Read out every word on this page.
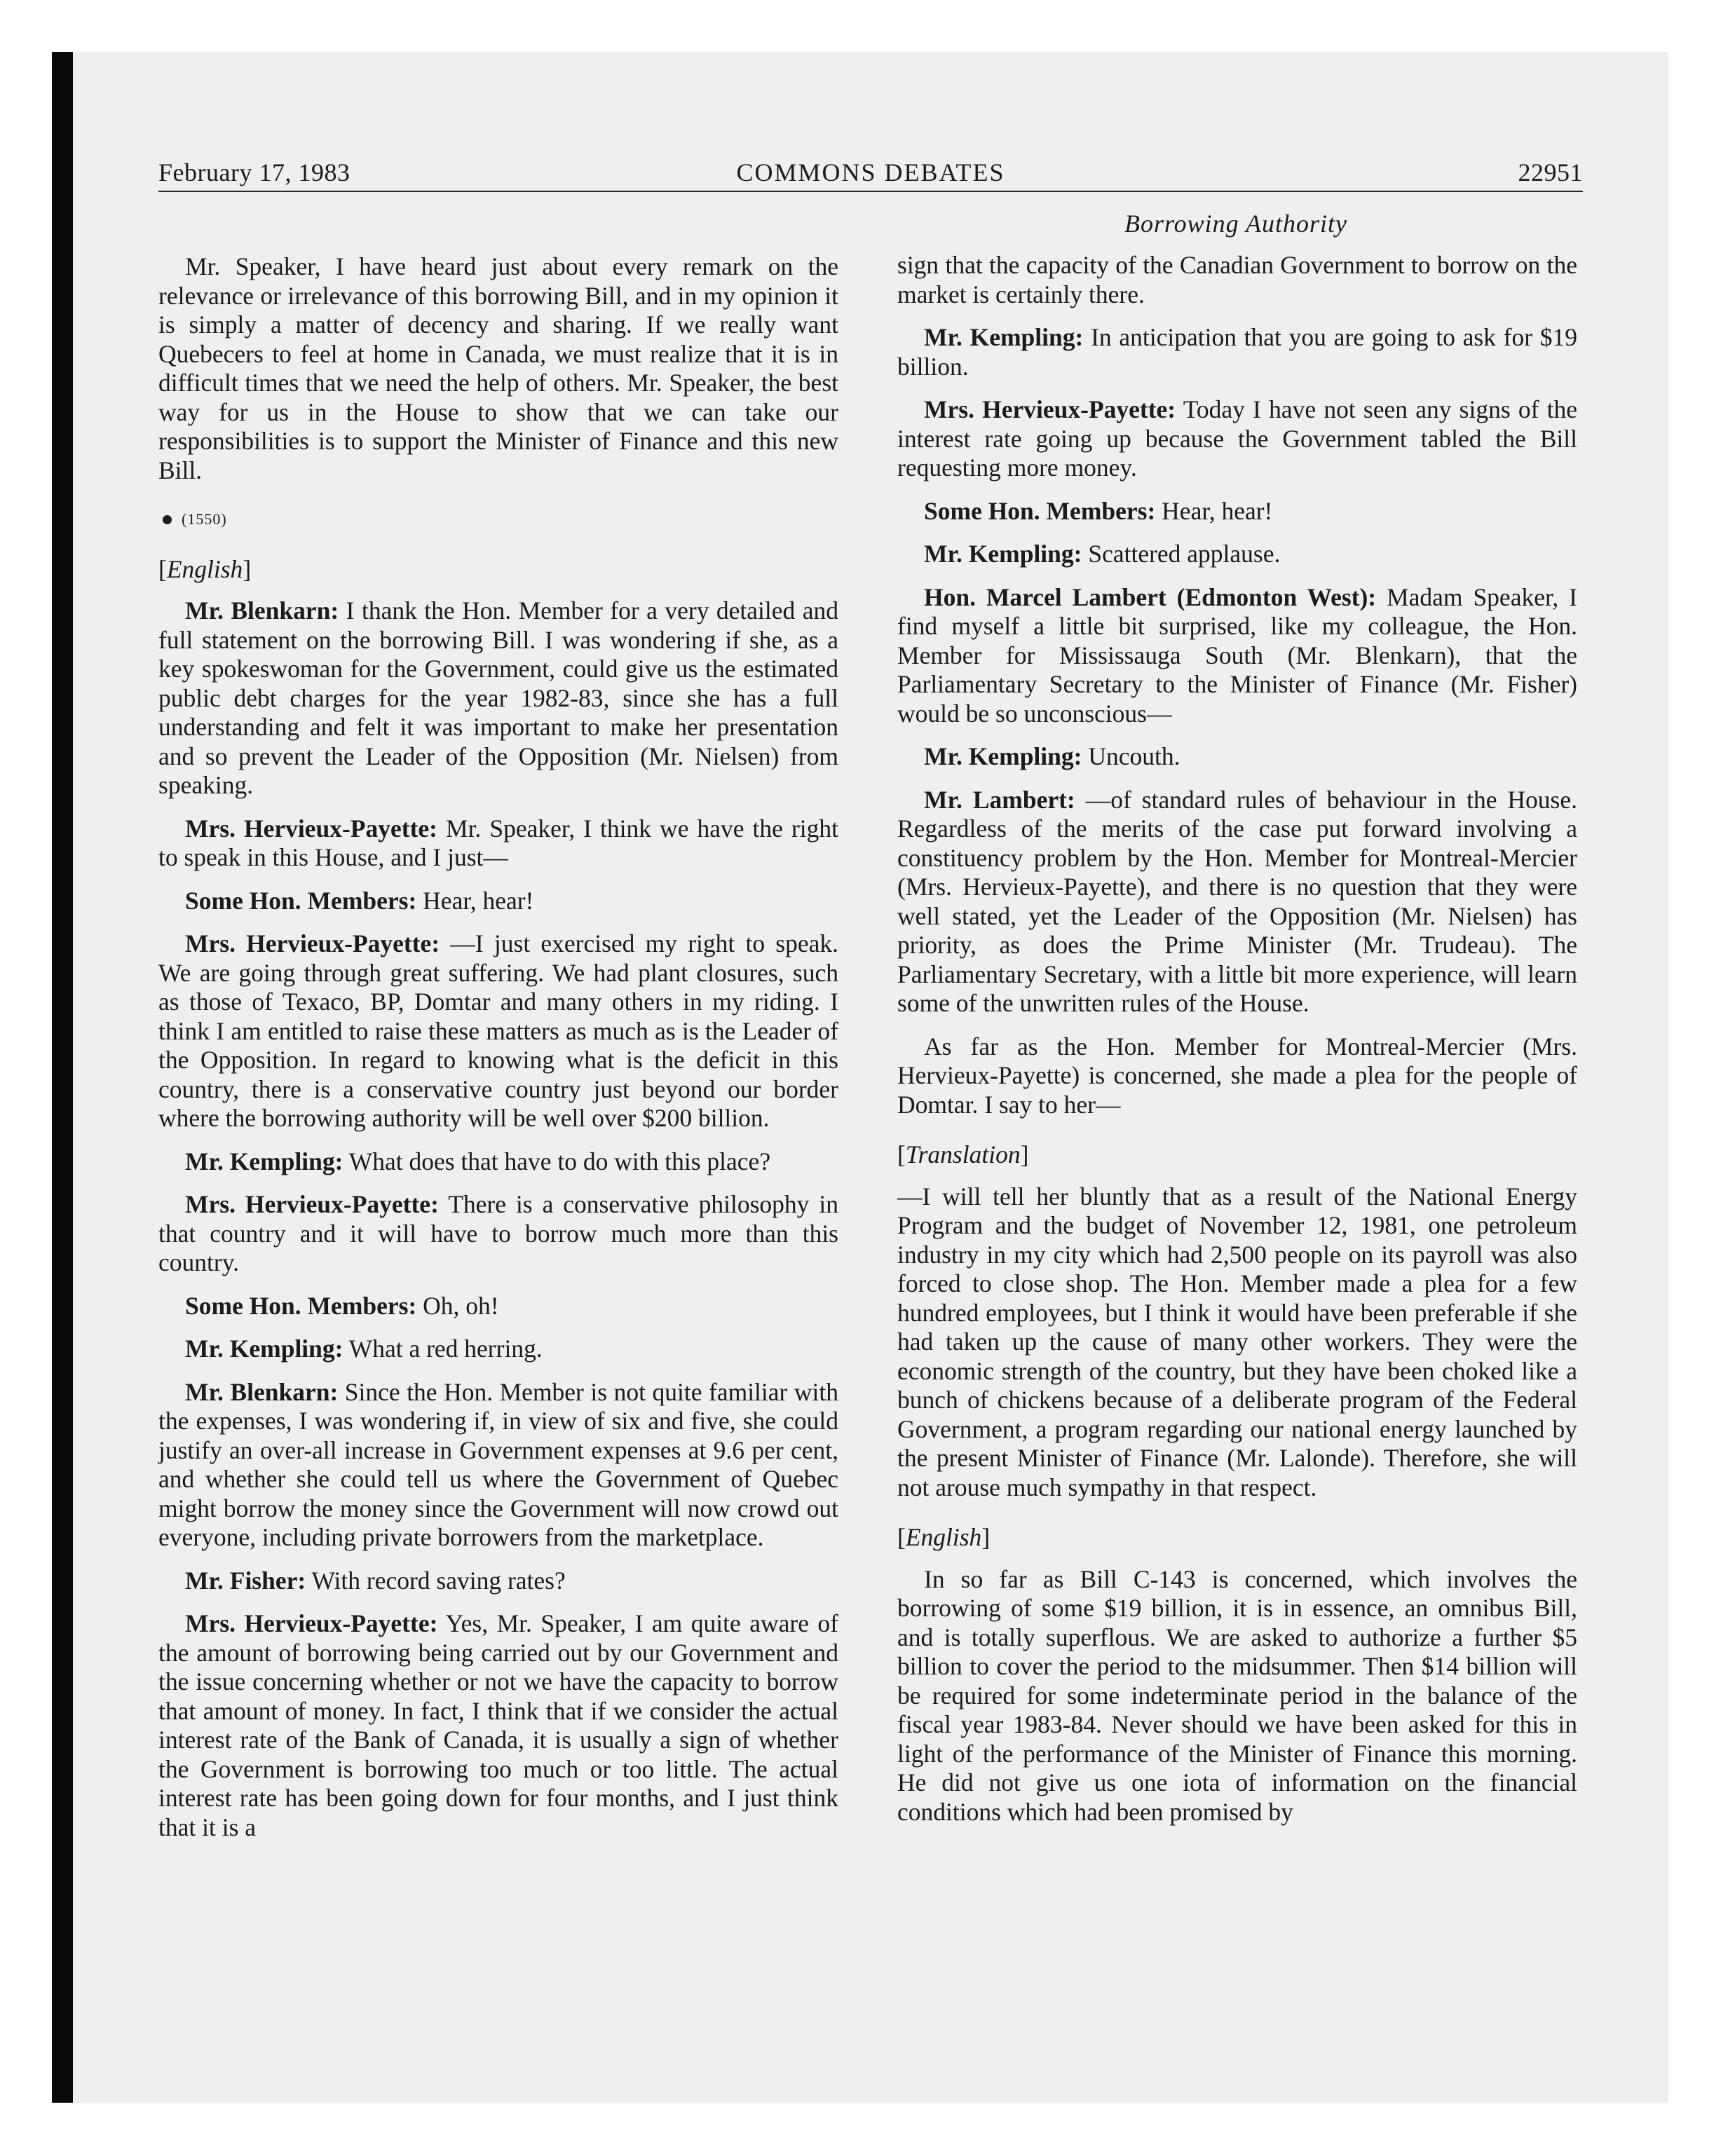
February 17, 1983	COMMONS DEBATES	22951
Borrowing Authority

Mr. Speaker, I have heard just about every remark on the relevance or irrelevance of this borrowing Bill, and in my opinion it is simply a matter of decency and sharing. If we really want Quebecers to feel at home in Canada, we must realize that it is in difficult times that we need the help of others. Mr. Speaker, the best way for us in the House to show that we can take our responsibilities is to support the Minister of Finance and this new Bill.

(1550)
[English]

Mr. Blenkarn: I thank the Hon. Member for a very detailed and full statement on the borrowing Bill. I was wondering if she, as a key spokeswoman for the Government, could give us the estimated public debt charges for the year 1982-83, since she has a full understanding and felt it was important to make her presentation and so prevent the Leader of the Opposition (Mr. Nielsen) from speaking.

Mrs. Hervieux-Payette: Mr. Speaker, I think we have the right to speak in this House, and I just—

Some Hon. Members: Hear, hear!

Mrs. Hervieux-Payette: —I just exercised my right to speak. We are going through great suffering. We had plant closures, such as those of Texaco, BP, Domtar and many others in my riding. I think I am entitled to raise these matters as much as is the Leader of the Opposition. In regard to knowing what is the deficit in this country, there is a conservative country just beyond our border where the borrowing authority will be well over $200 billion.

Mr. Kempling: What does that have to do with this place?

Mrs. Hervieux-Payette: There is a conservative philosophy in that country and it will have to borrow much more than this country.

Some Hon. Members: Oh, oh!

Mr. Kempling: What a red herring.

Mr. Blenkarn: Since the Hon. Member is not quite familiar with the expenses, I was wondering if, in view of six and five, she could justify an over-all increase in Government expenses at 9.6 per cent, and whether she could tell us where the Government of Quebec might borrow the money since the Government will now crowd out everyone, including private borrowers from the marketplace.

Mr. Fisher: With record saving rates?

Mrs. Hervieux-Payette: Yes, Mr. Speaker, I am quite aware of the amount of borrowing being carried out by our Government and the issue concerning whether or not we have the capacity to borrow that amount of money. In fact, I think that if we consider the actual interest rate of the Bank of Canada, it is usually a sign of whether the Government is borrowing too much or too little. The actual interest rate has been going down for four months, and I just think that it is a

sign that the capacity of the Canadian Government to borrow on the market is certainly there.

Mr. Kempling: In anticipation that you are going to ask for $19 billion.

Mrs. Hervieux-Payette: Today I have not seen any signs of the interest rate going up because the Government tabled the Bill requesting more money.

Some Hon. Members: Hear, hear!

Mr. Kempling: Scattered applause.

Hon. Marcel Lambert (Edmonton West): Madam Speaker, I find myself a little bit surprised, like my colleague, the Hon. Member for Mississauga South (Mr. Blenkarn), that the Parliamentary Secretary to the Minister of Finance (Mr. Fisher) would be so unconscious—

Mr. Kempling: Uncouth.

Mr. Lambert: —of standard rules of behaviour in the House. Regardless of the merits of the case put forward involving a constituency problem by the Hon. Member for Montreal-Mercier (Mrs. Hervieux-Payette), and there is no question that they were well stated, yet the Leader of the Opposition (Mr. Nielsen) has priority, as does the Prime Minister (Mr. Trudeau). The Parliamentary Secretary, with a little bit more experience, will learn some of the unwritten rules of the House.

As far as the Hon. Member for Montreal-Mercier (Mrs. Hervieux-Payette) is concerned, she made a plea for the people of Domtar. I say to her—

[Translation]

—I will tell her bluntly that as a result of the National Energy Program and the budget of November 12, 1981, one petroleum industry in my city which had 2,500 people on its payroll was also forced to close shop. The Hon. Member made a plea for a few hundred employees, but I think it would have been preferable if she had taken up the cause of many other workers. They were the economic strength of the country, but they have been choked like a bunch of chickens because of a deliberate program of the Federal Government, a program regarding our national energy launched by the present Minister of Finance (Mr. Lalonde). Therefore, she will not arouse much sympathy in that respect.

[English]

In so far as Bill C-143 is concerned, which involves the borrowing of some $19 billion, it is in essence, an omnibus Bill, and is totally superflous. We are asked to authorize a further $5 billion to cover the period to the midsummer. Then $14 billion will be required for some indeterminate period in the balance of the fiscal year 1983-84. Never should we have been asked for this in light of the performance of the Minister of Finance this morning. He did not give us one iota of information on the financial conditions which had been promised by
